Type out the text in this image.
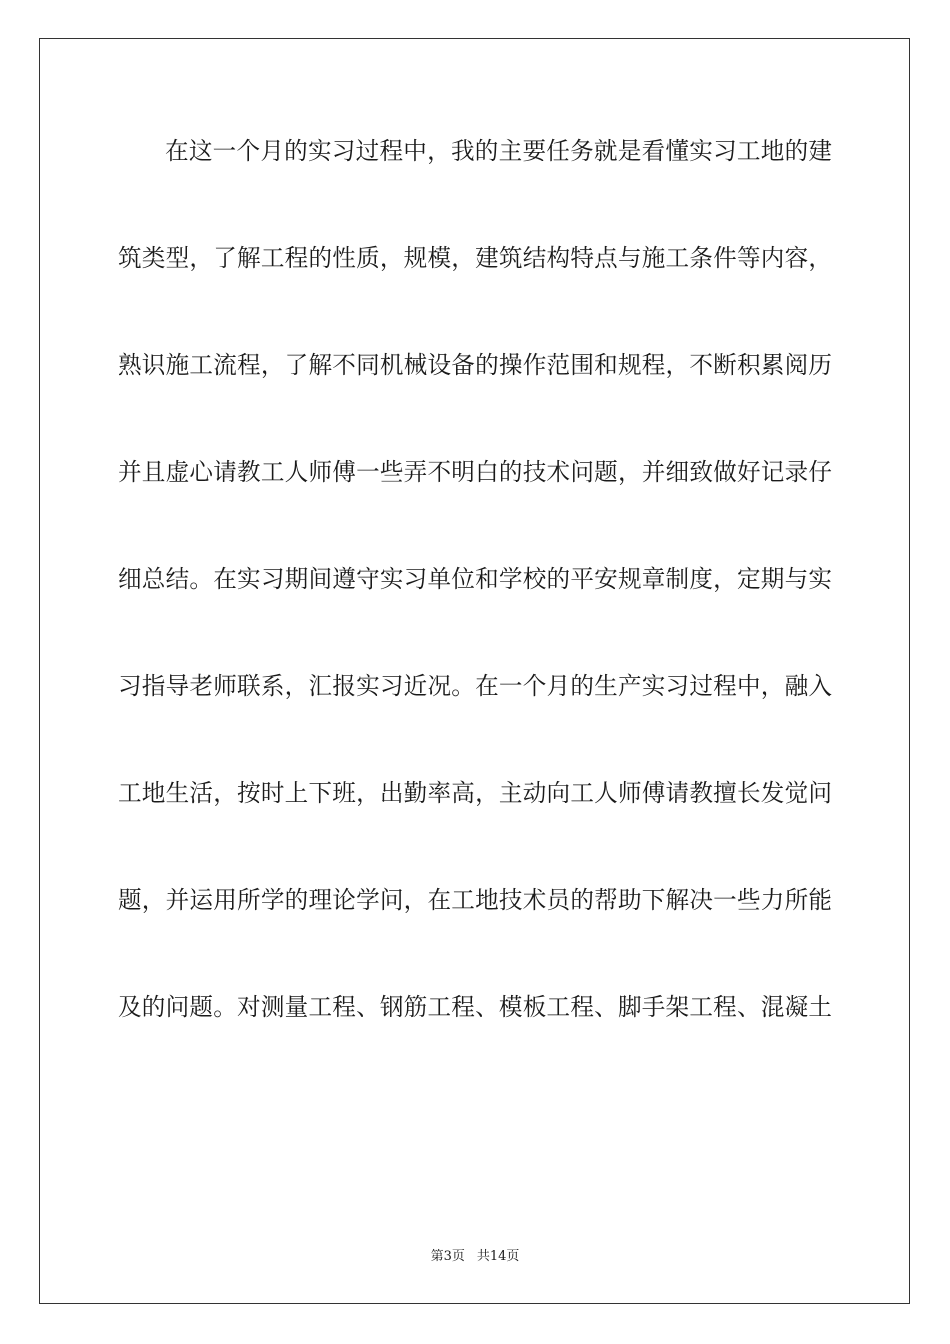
在这一个月的实习过程中，我的主要任务就是看懂实习工地的建
筑类型，了解工程的性质，规模，建筑结构特点与施工条件等内容，
熟识施工流程，了解不同机械设备的操作范围和规程，不断积累阅历
并且虚心请教工人师傅一些弄不明白的技术问题，并细致做好记录仔
细总结。在实习期间遵守实习单位和学校的平安规章制度，定期与实
习指导老师联系，汇报实习近况。在一个月的生产实习过程中，融入
工地生活，按时上下班，出勤率高，主动向工人师傅请教擅长发觉问
题，并运用所学的理论学问，在工地技术员的帮助下解决一些力所能
及的问题。对测量工程、钢筋工程、模板工程、脚手架工程、混凝土
第3页 共14页
